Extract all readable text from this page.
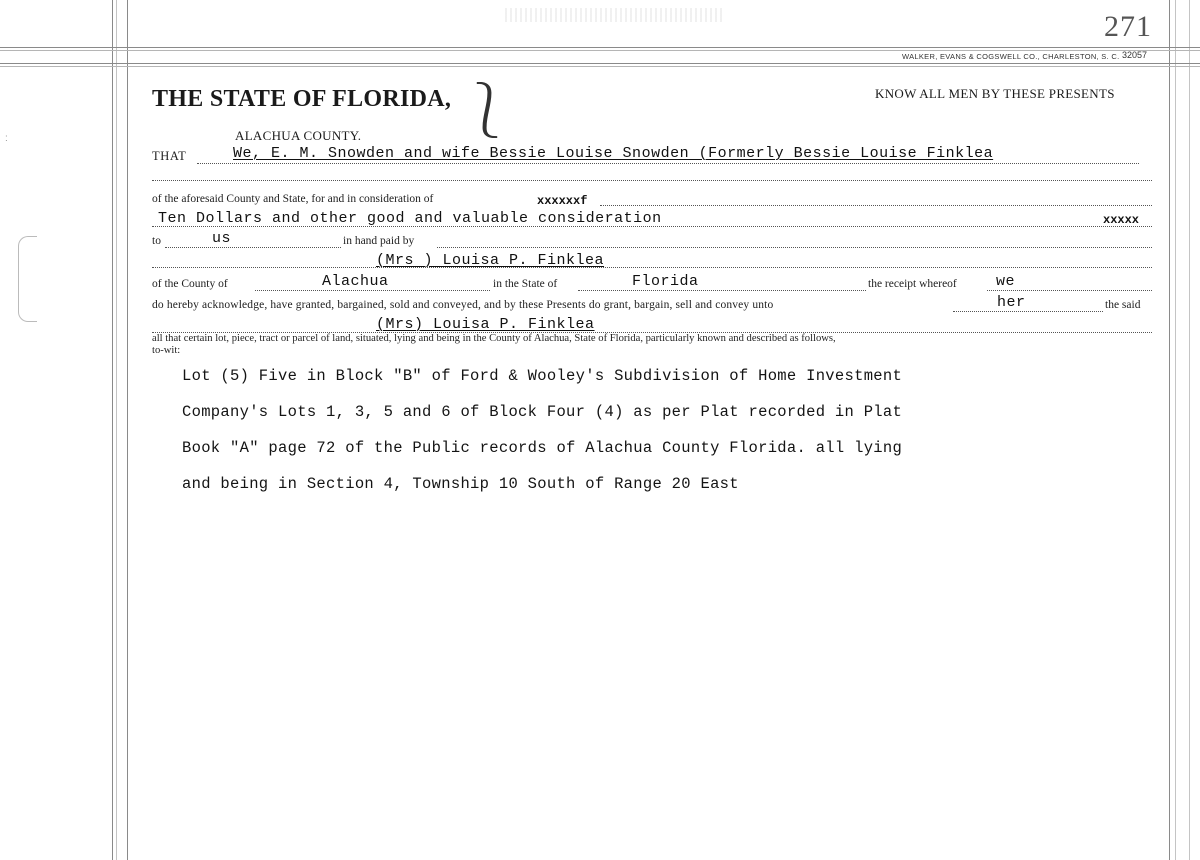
:
271
WALKER, EVANS & COGSWELL CO., CHARLESTON, S. C. 32057
THE STATE OF FLORIDA, ⎱	KNOW ALL MEN BY THESE PRESENTS
ALACHUA COUNTY.
THAT	We, E. M. Snowden and wife Bessie Louise Snowden (Formerly Bessie Louise Finklea
of the aforesaid County and State, for and in consideration of	xxxxxxf
Ten Dollars and other good and valuable consideration	xxxxx
to	us	in hand paid by
(Mrs ) Louisa P. Finklea
of the County of	Alachua	in the State of	Florida	the receipt whereof	we
do hereby acknowledge, have granted, bargained, sold and conveyed, and by these Presents do grant, bargain, sell and convey unto	her	the said
(Mrs) Louisa P. Finklea
all that certain lot, piece, tract or parcel of land, situated, lying and being in the County of Alachua, State of Florida, particularly known and described as follows,
to-wit:
Lot (5) Five in Block "B" of Ford & Wooley's Subdivision of Home Investment
Company's Lots 1, 3, 5 and 6 of Block Four (4) as per Plat recorded in Plat
Book "A" page 72 of the Public records of Alachua County Florida. all lying
and being in Section 4, Township 10 South of Range 20 East
